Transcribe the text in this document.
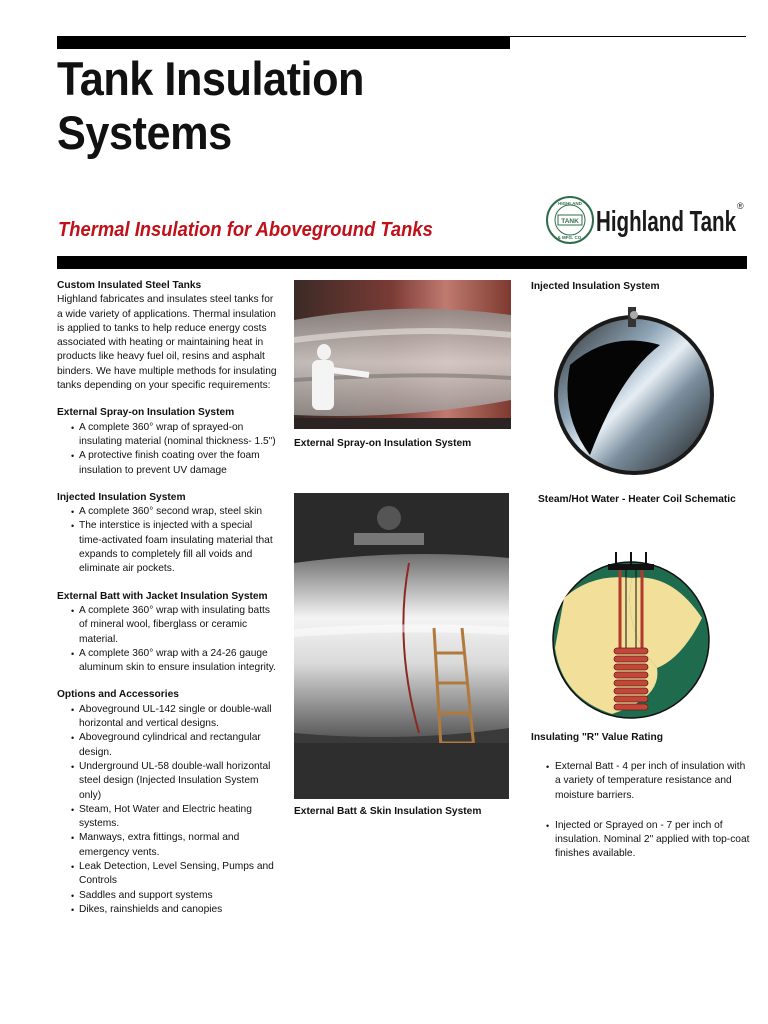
Tank Insulation
Systems
Thermal Insulation for Aboveground Tanks	TANK
HIGHLAND
& MFG. CO. Highland Tank ®
Custom Insulated Steel Tanks

Highland fabricates and insulates steel tanks for a wide variety of applications. Thermal insulation is applied to tanks to help reduce energy costs associated with heating or maintaining heat in products like heavy fuel oil, resins and asphalt binders. We have multiple methods for insulating tanks depending on your specific requirements:

External Spray-on Insulation System
• A complete 360° wrap of sprayed-on insulating material (nominal thickness- 1.5")
• A protective finish coating over the foam insulation to prevent UV damage
Injected Insulation System
• A complete 360° second wrap, steel skin
• The interstice is injected with a special time-activated foam insulating material that expands to completely fill all voids and eliminate air pockets.
External Batt with Jacket Insulation System
• A complete 360° wrap with insulating batts of mineral wool, fiberglass or ceramic material.
• A complete 360° wrap with a 24-26 gauge aluminum skin to ensure insulation integrity.
Options and Accessories
• Aboveground UL-142 single or double-wall horizontal and vertical designs.
• Aboveground cylindrical and rectangular design.
• Underground UL-58 double-wall horizontal steel design (Injected Insulation System only)
• Steam, Hot Water and Electric heating systems.
• Manways, extra fittings, normal and emergency vents.
• Leak Detection, Level Sensing, Pumps and Controls
• Saddles and support systems
• Dikes, rainshields and canopies
External Spray-on Insulation System
External Batt & Skin Insulation System
Injected Insulation System
Steam/Hot Water - Heater Coil Schematic
Insulating "R" Value Rating
• External Batt - 4 per inch of insulation with a variety of temperature resistance and moisture barriers.
• Injected or Sprayed on - 7 per inch of insulation. Nominal 2" applied with top-coat finishes available.
